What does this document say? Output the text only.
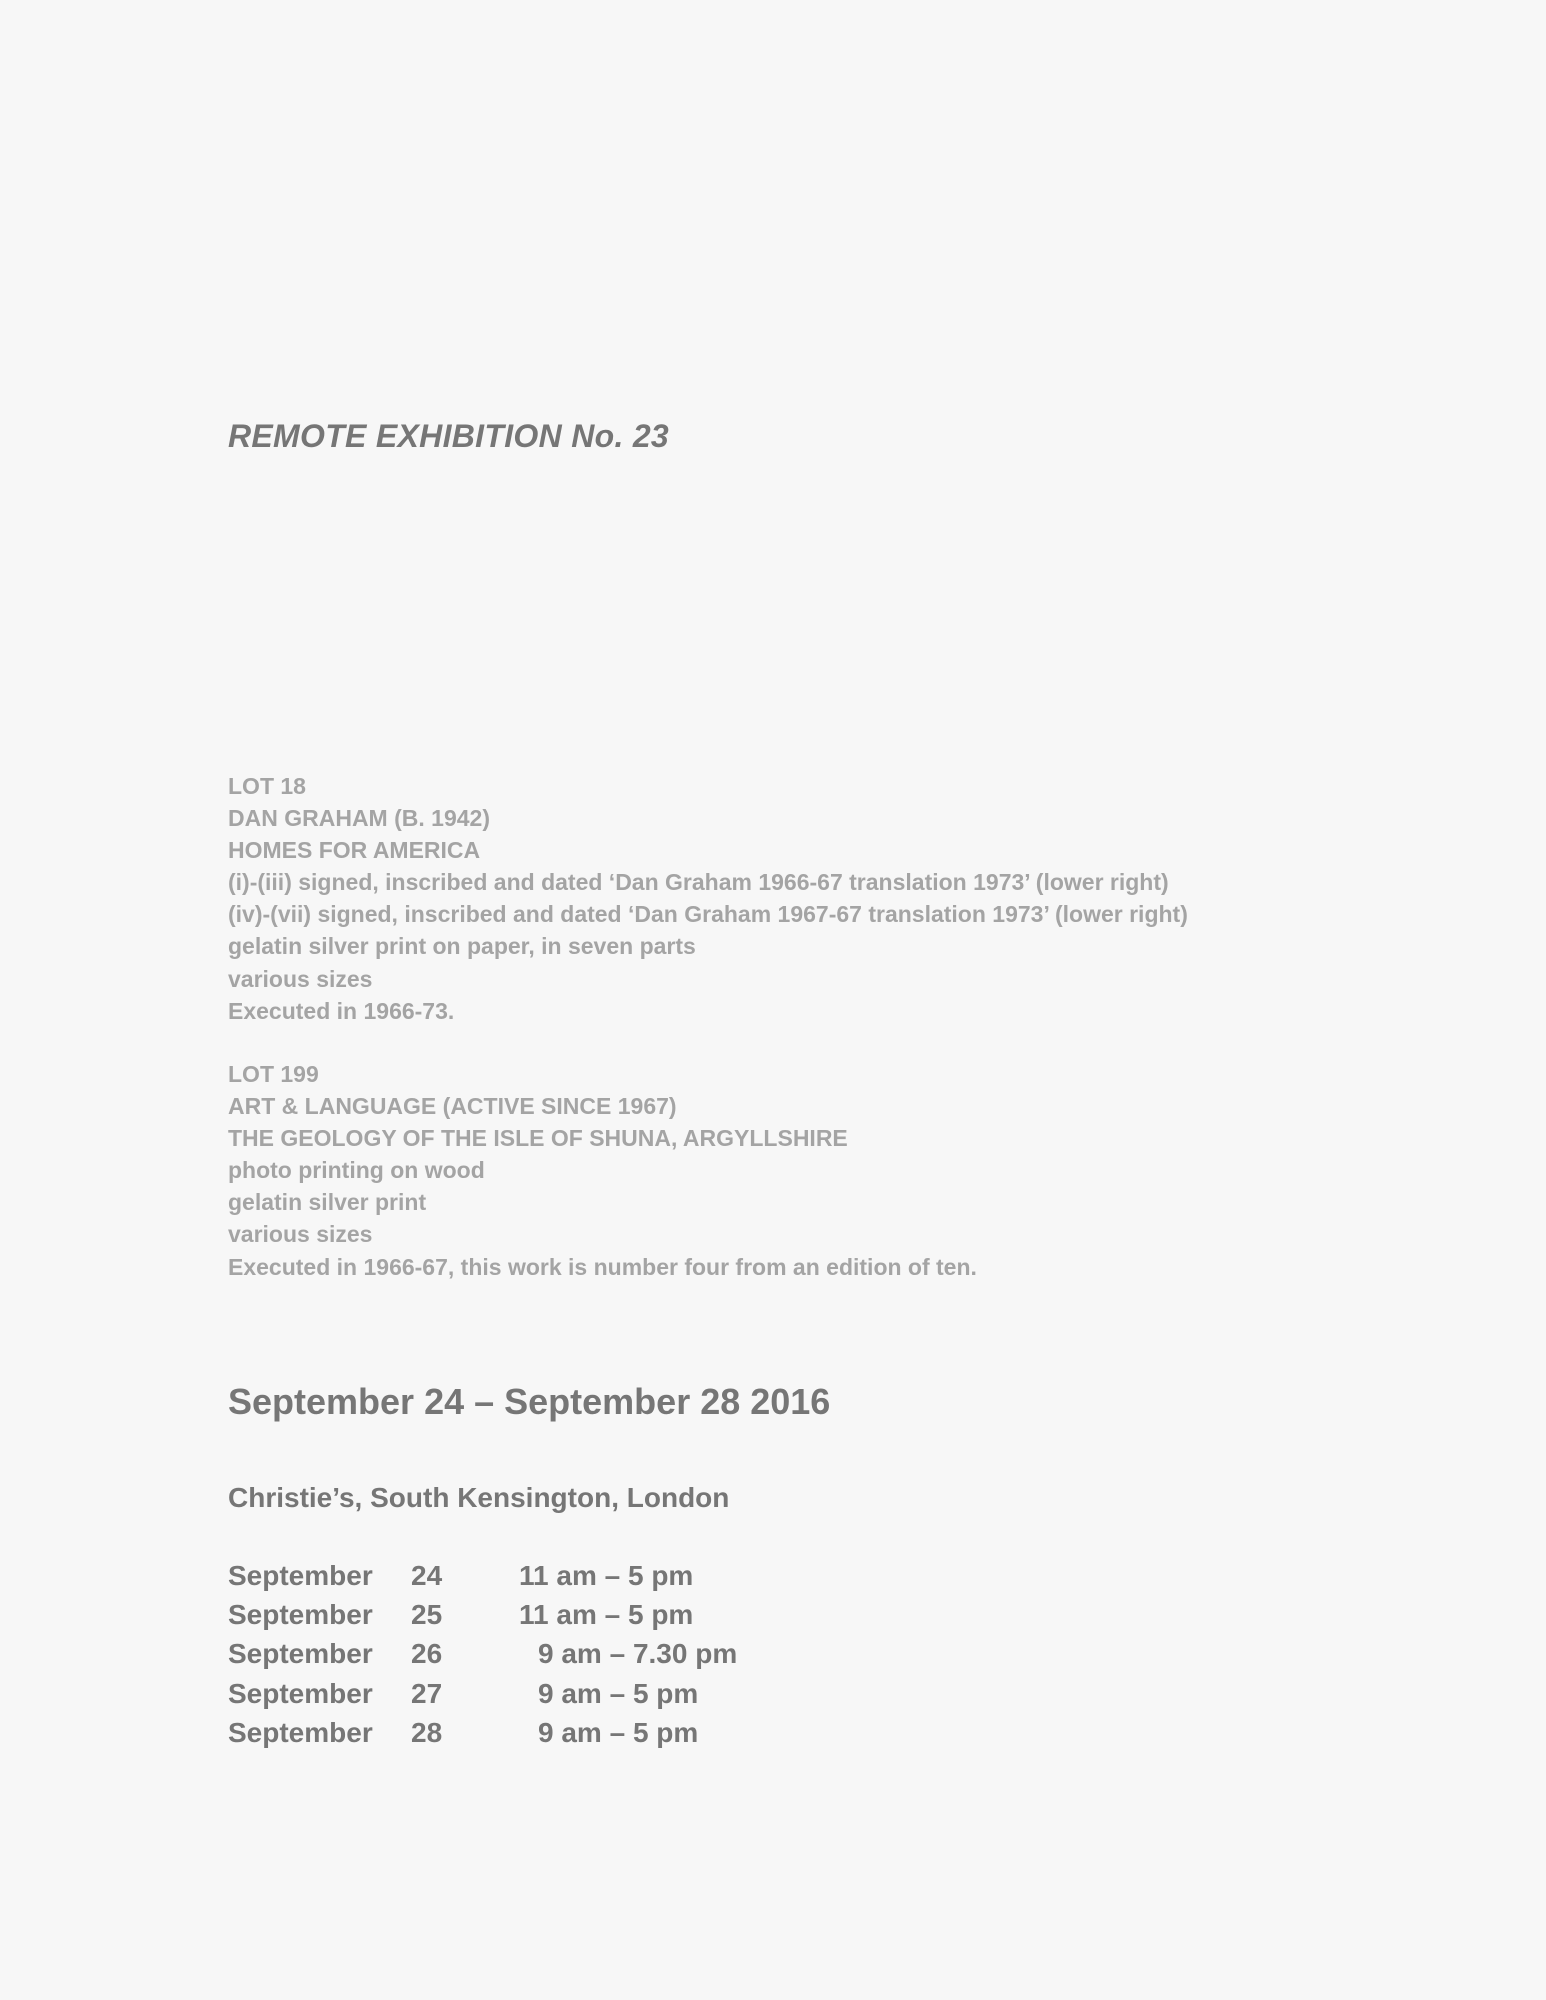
REMOTE EXHIBITION No. 23
LOT 18
DAN GRAHAM (B. 1942)
HOMES FOR AMERICA
(i)-(iii) signed, inscribed and dated ‘Dan Graham 1966-67 translation 1973’ (lower right)
(iv)-(vii) signed, inscribed and dated ‘Dan Graham 1967-67 translation 1973’ (lower right)
gelatin silver print on paper, in seven parts
various sizes
Executed in 1966-73.
LOT 199
ART & LANGUAGE (ACTIVE SINCE 1967)
THE GEOLOGY OF THE ISLE OF SHUNA, ARGYLLSHIRE
photo printing on wood
gelatin silver print
various sizes
Executed in 1966-67, this work is number four from an edition of ten.
September 24 – September 28 2016
Christie’s, South Kensington, London
September 24	11 am – 5 pm
September 25	11 am – 5 pm
September 26	9 am – 7.30 pm
September 27	9 am – 5 pm
September 28	9 am – 5 pm
